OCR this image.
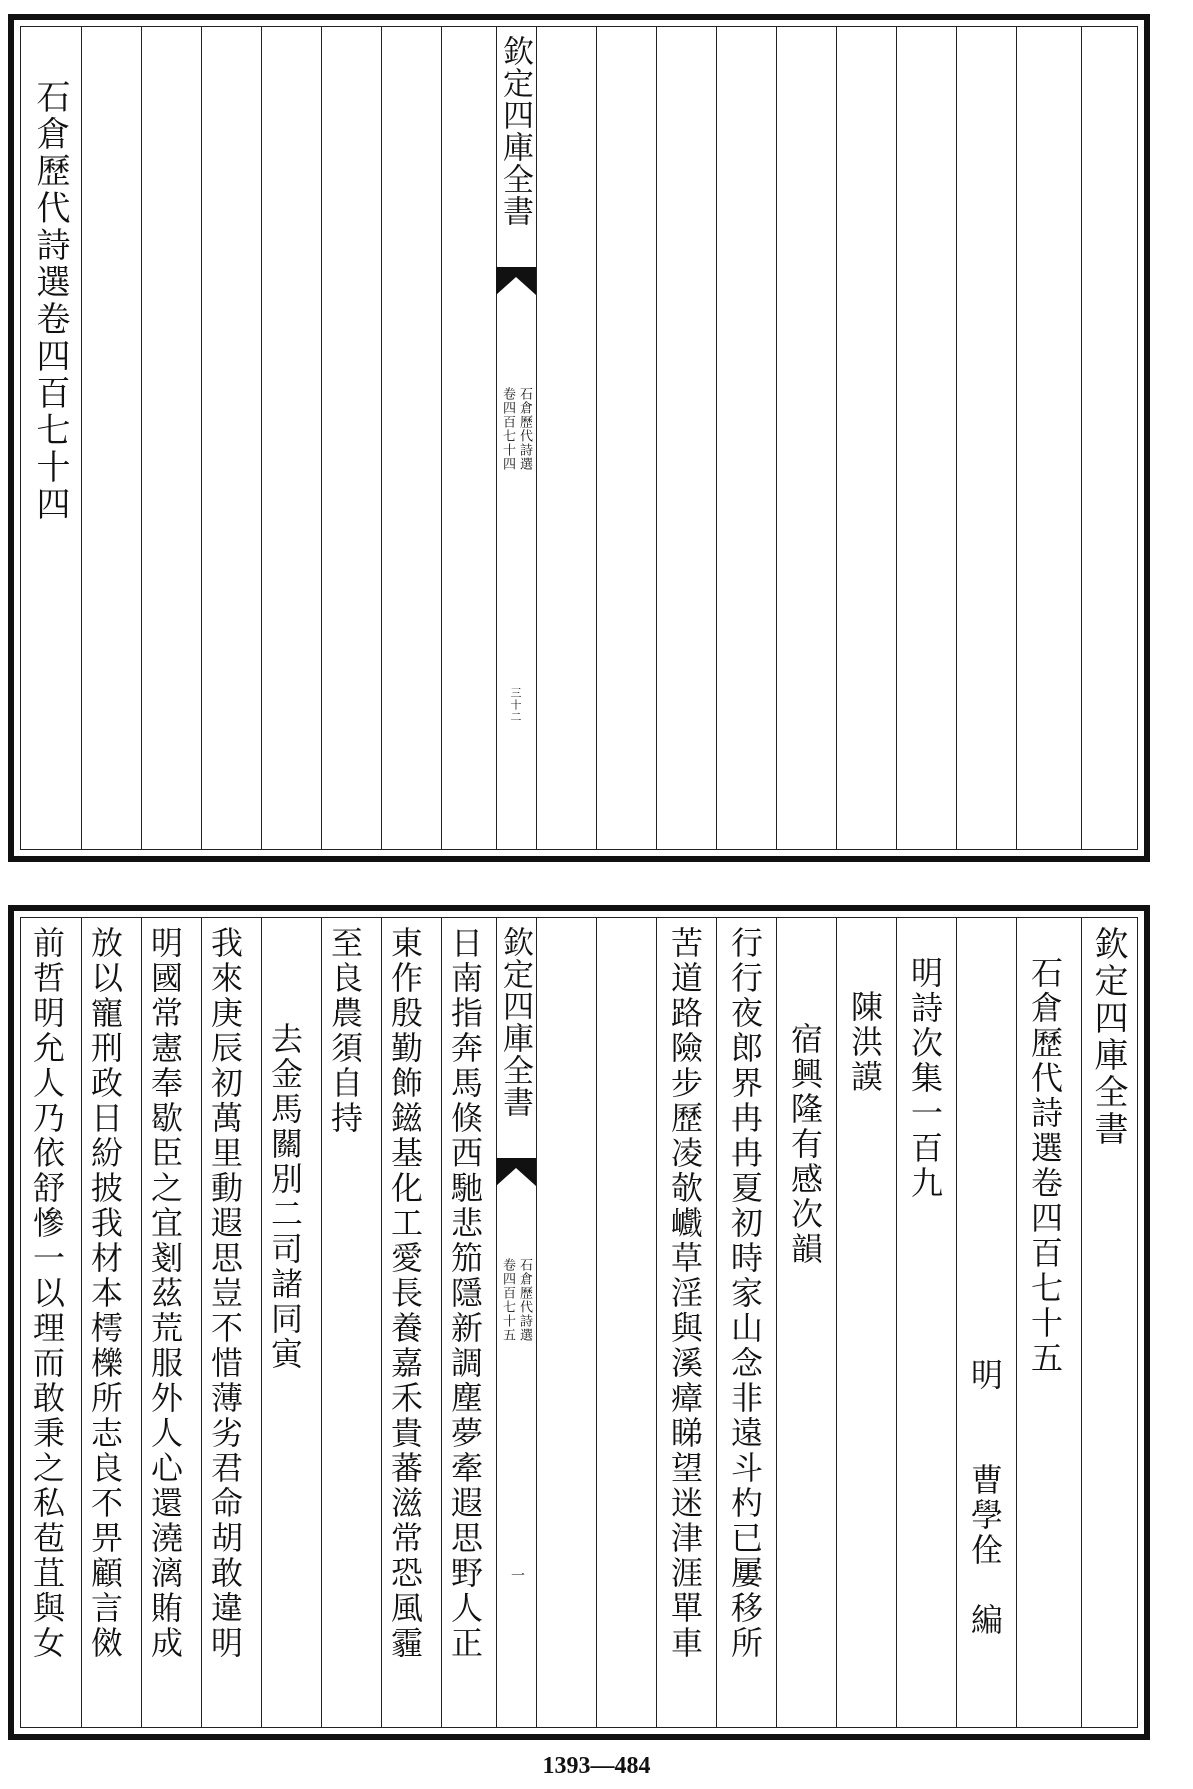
石倉歷代詩選卷四百七十四	欽定四庫全書
石倉歷代詩選
卷四百七十四
三十二
欽定四庫全書
石倉歷代詩選卷四百七十五
明　　曹學佺　編
明詩次集一百九
陳洪謨
宿興隆有感次韻
行行夜郎界冉冉夏初時家山念非遠斗杓已屢移所
苦道路險步歷凌欹巇草淫與溪瘴睇望迷津涯單車
欽定四庫全書
石倉歷代詩選
卷四百七十五
一
日南指奔馬倏西馳悲笳隱新調塵夢牽遐思野人正
東作殷勤飾鎡基化工愛長養嘉禾貴蕃滋常恐風霾
至良農須自持
去金馬關別二司諸同寅
我來庚辰初萬里動遐思豈不惜薄劣君命胡敢違明
明國常憲奉歇臣之宜剗茲荒服外人心還澆漓賄成
放以寵刑政日紛披我材本樗櫟所志良不畀顧言傚
前哲明允人乃依舒慘一以理而敢秉之私苞苴與女
1393—484
